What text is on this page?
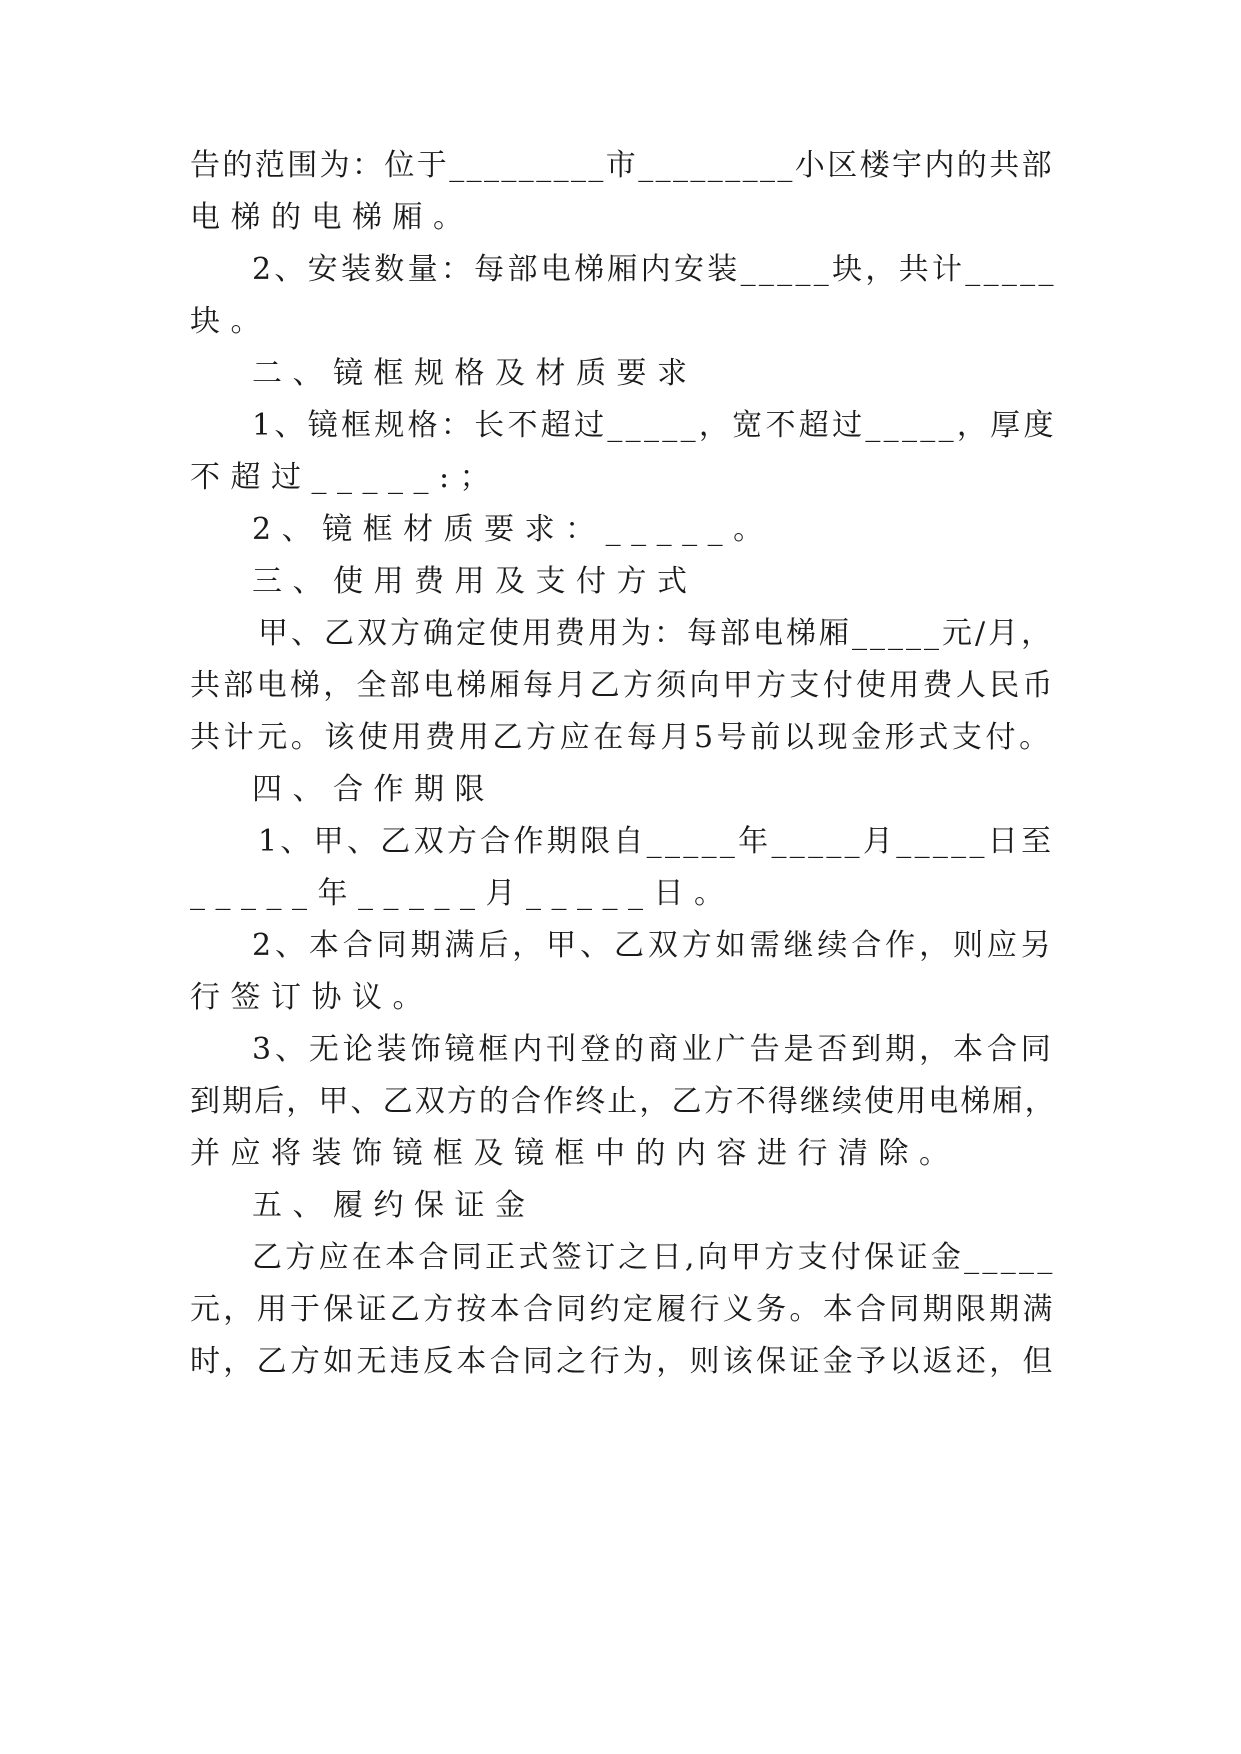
告的范围为：位于_________市_________小区楼宇内的共部
电梯的电梯厢。
2、安装数量：每部电梯厢内安装_____块，共计_____
块。
二、镜框规格及材质要求
1、镜框规格：长不超过_____，宽不超过_____，厚度
不超过_____:；
2、镜框材质要求：_____。
三、使用费用及支付方式
甲、乙双方确定使用费用为：每部电梯厢_____元/月，
共部电梯，全部电梯厢每月乙方须向甲方支付使用费人民币
共计元。该使用费用乙方应在每月5号前以现金形式支付。
四、合作期限
1、甲、乙双方合作期限自_____年_____月_____日至
_____年_____月_____日。
2、本合同期满后，甲、乙双方如需继续合作，则应另
行签订协议。
3、无论装饰镜框内刊登的商业广告是否到期，本合同
到期后，甲、乙双方的合作终止，乙方不得继续使用电梯厢，
并应将装饰镜框及镜框中的内容进行清除。
五、履约保证金
乙方应在本合同正式签订之日,向甲方支付保证金_____
元，用于保证乙方按本合同约定履行义务。本合同期限期满
时，乙方如无违反本合同之行为，则该保证金予以返还，但
